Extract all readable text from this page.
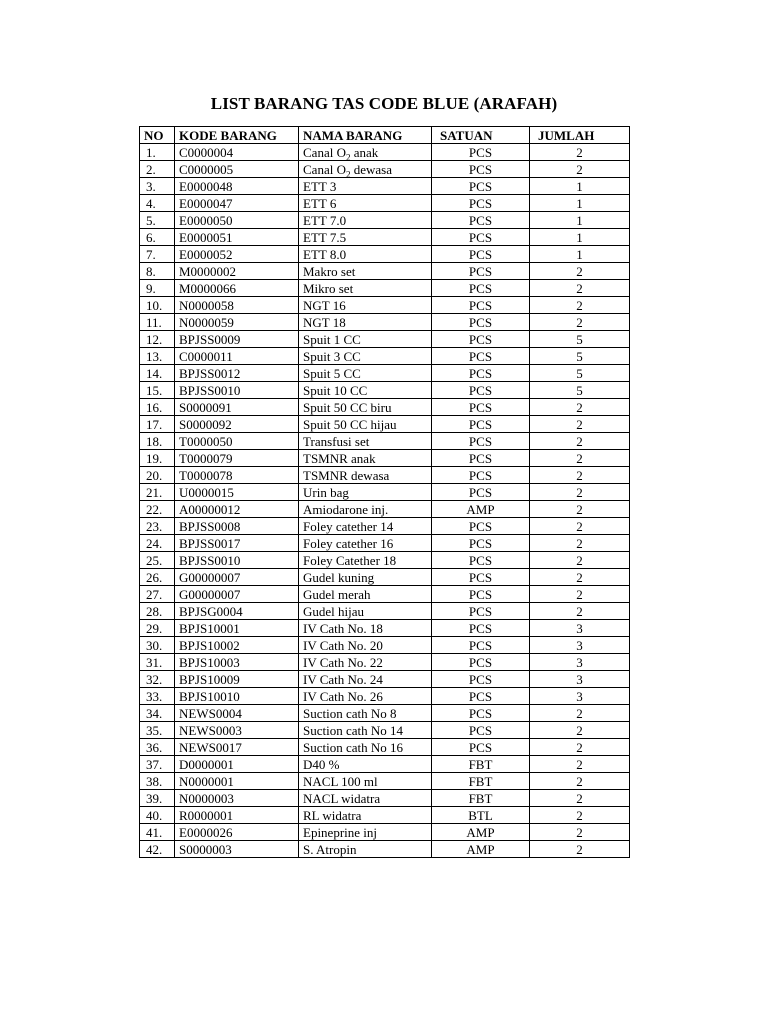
LIST BARANG TAS CODE BLUE (ARAFAH)
NO	KODE BARANG	NAMA BARANG	SATUAN	JUMLAH
1.	C0000004	Canal $O_2$ anak	PCS	2
2.	C0000005	Canal $O_2$ dewasa	PCS	2
3.	E0000048	ETT 3	PCS	1
4.	E0000047	ETT 6	PCS	1
5.	E0000050	ETT 7.0	PCS	1
6.	E0000051	ETT 7.5	PCS	1
7.	E0000052	ETT 8.0	PCS	1
8.	M0000002	Makro set	PCS	2
9.	M0000066	Mikro set	PCS	2
10.	N0000058	NGT 16	PCS	2
11.	N0000059	NGT 18	PCS	2
12.	BPJSS0009	Spuit 1 CC	PCS	5
13.	C0000011	Spuit 3 CC	PCS	5
14.	BPJSS0012	Spuit 5 CC	PCS	5
15.	BPJSS0010	Spuit 10 CC	PCS	5
16.	S0000091	Spuit 50 CC biru	PCS	2
17.	S0000092	Spuit 50 CC hijau	PCS	2
18.	T0000050	Transfusi set	PCS	2
19.	T0000079	TSMNR anak	PCS	2
20.	T0000078	TSMNR dewasa	PCS	2
21.	U0000015	Urin bag	PCS	2
22.	A00000012	Amiodarone inj.	AMP	2
23.	BPJSS0008	Foley catether 14	PCS	2
24.	BPJSS0017	Foley catether 16	PCS	2
25.	BPJSS0010	Foley Catether 18	PCS	2
26.	G00000007	Gudel kuning	PCS	2
27.	G00000007	Gudel merah	PCS	2
28.	BPJSG0004	Gudel hijau	PCS	2
29.	BPJS10001	IV Cath No. 18	PCS	3
30.	BPJS10002	IV Cath No. 20	PCS	3
31.	BPJS10003	IV Cath No. 22	PCS	3
32.	BPJS10009	IV Cath No. 24	PCS	3
33.	BPJS10010	IV Cath No. 26	PCS	3
34.	NEWS0004	Suction cath No 8	PCS	2
35.	NEWS0003	Suction cath No 14	PCS	2
36.	NEWS0017	Suction cath No 16	PCS	2
37.	D0000001	D40 %	FBT	2
38.	N0000001	NACL 100 ml	FBT	2
39.	N0000003	NACL widatra	FBT	2
40.	R0000001	RL widatra	BTL	2
41.	E0000026	Epineprine inj	AMP	2
42.	S0000003	S. Atropin	AMP	2
